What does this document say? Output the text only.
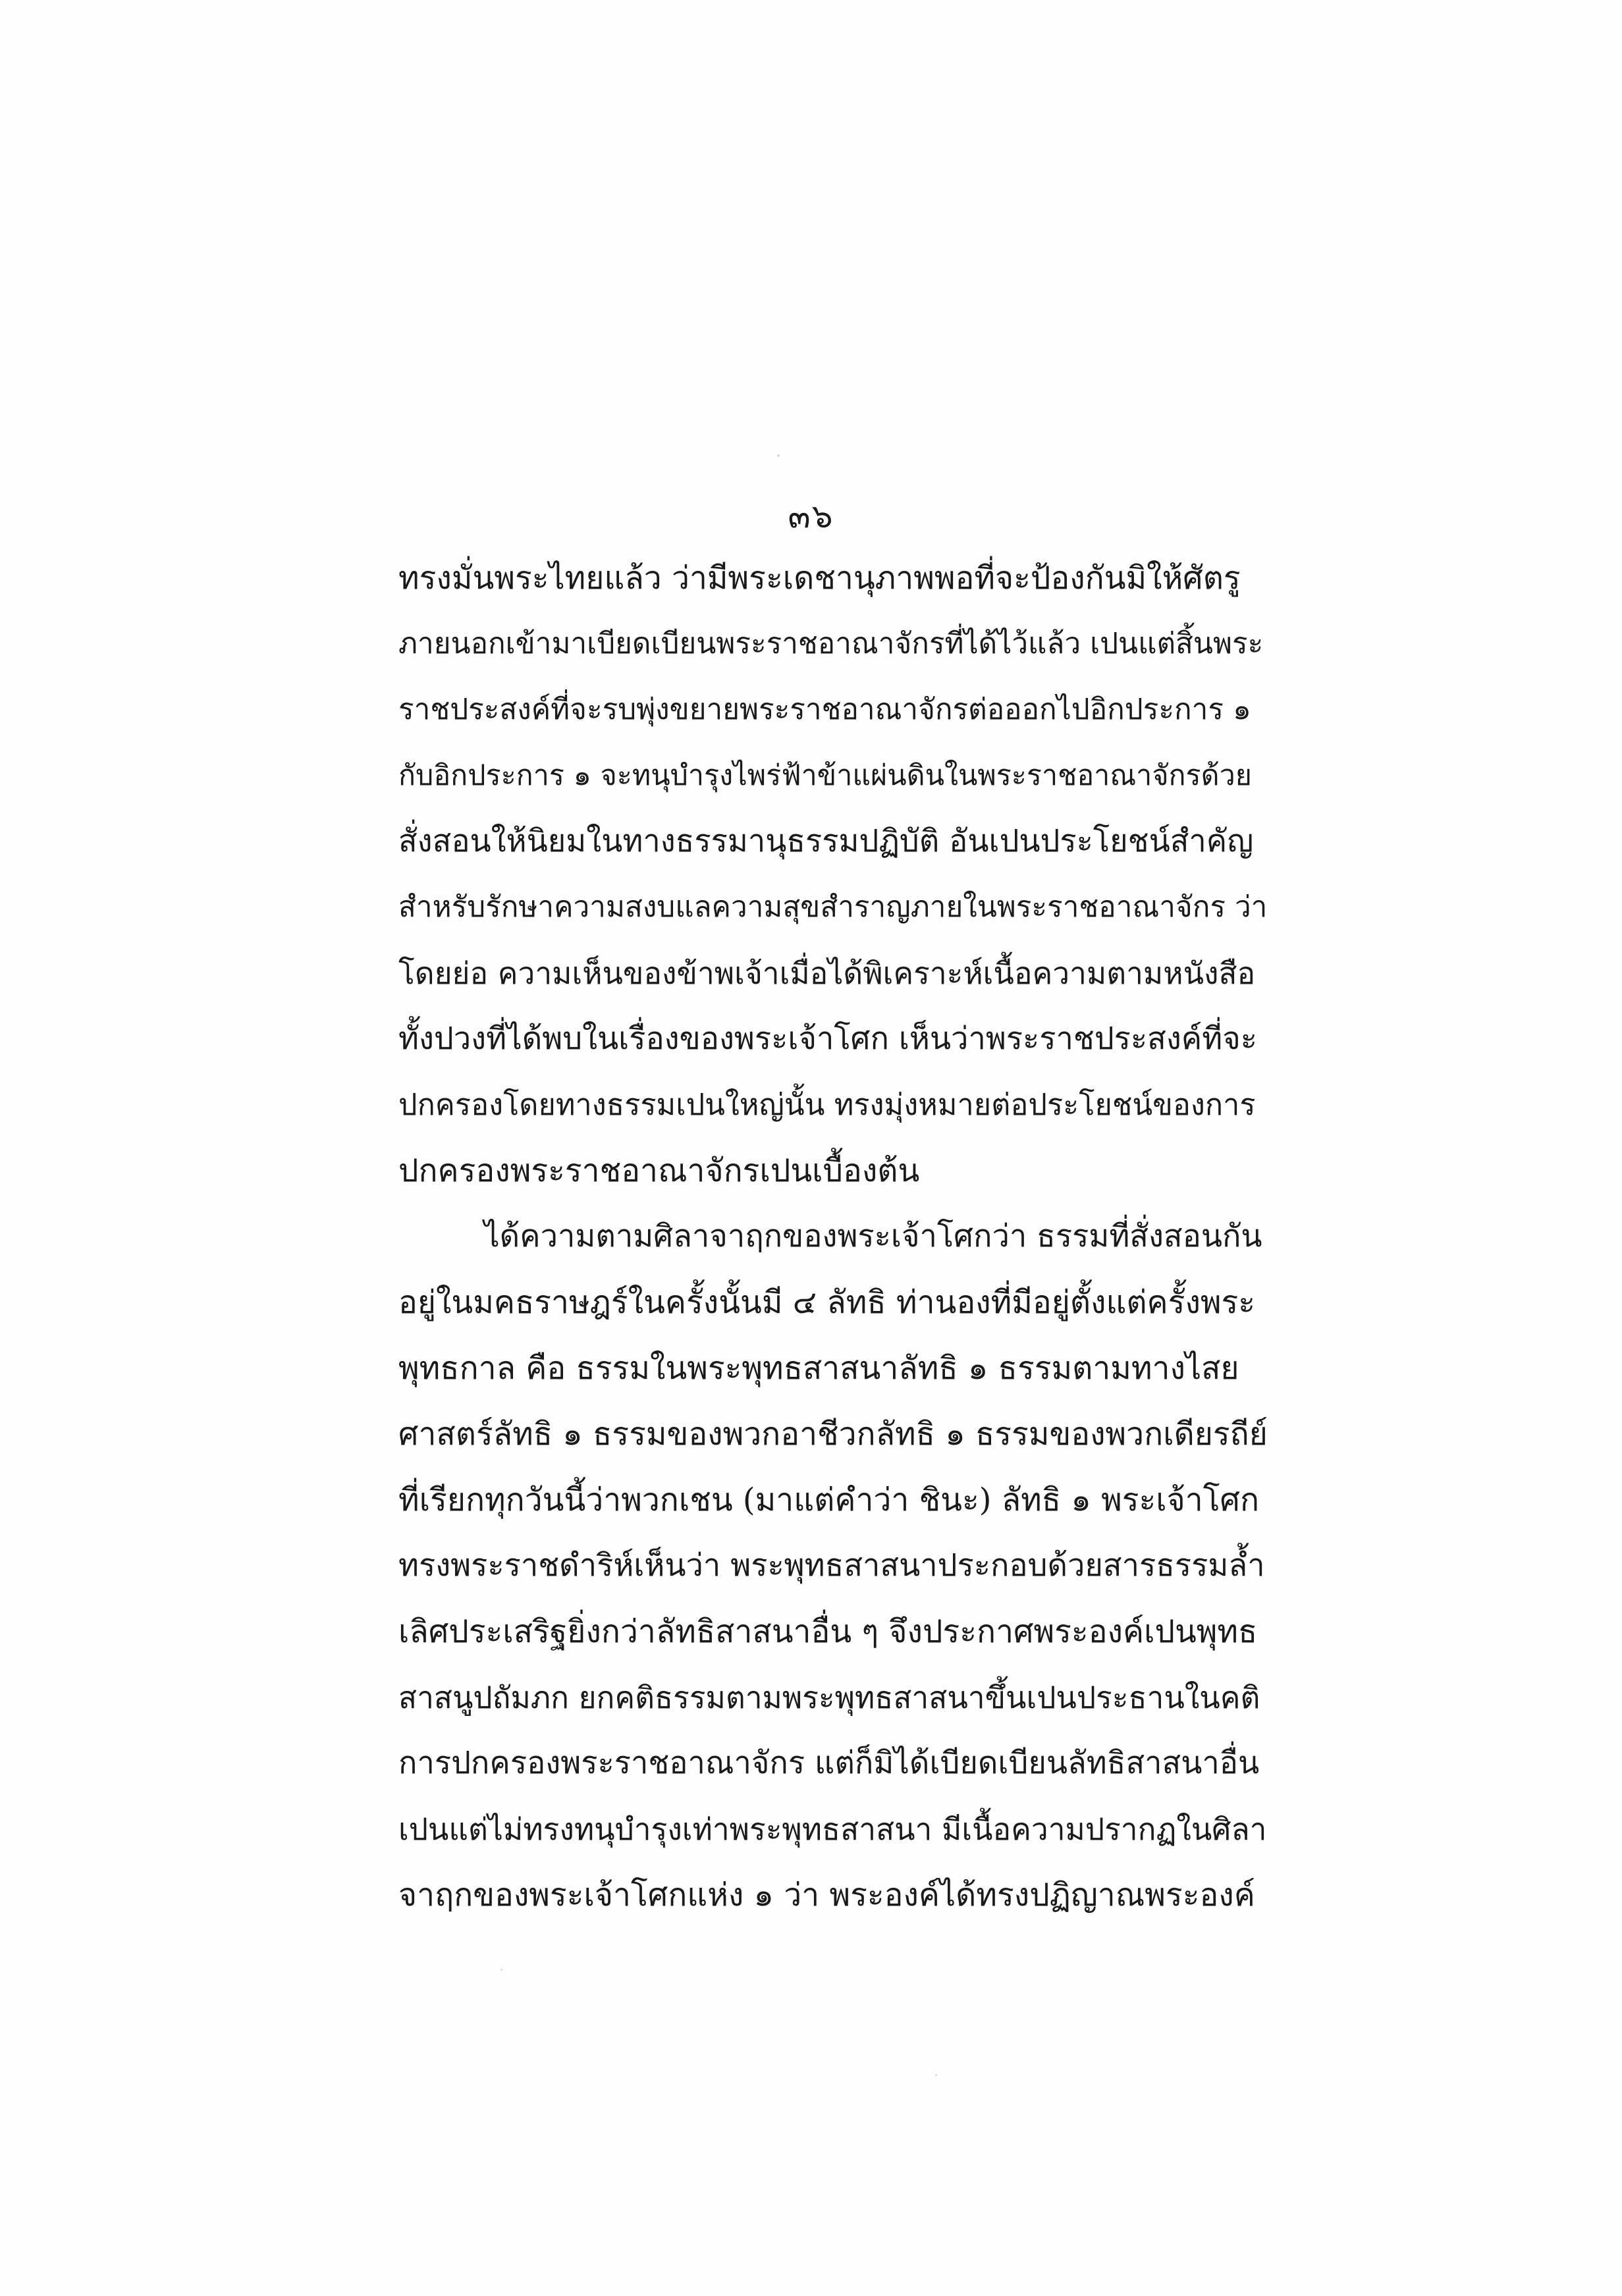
๓๖
ทรงมั่นพระไทยแล้ว ว่ามีพระเดชานุภาพพอที่จะป้องกันมิให้ศัตรู
ภายนอกเข้ามาเบียดเบียนพระราชอาณาจักรที่ได้ไว้แล้ว เปนแต่สิ้นพระ
ราชประสงค์ที่จะรบพุ่งขยายพระราชอาณาจักรต่อออกไปอิกประการ ๑
กับอิกประการ ๑ จะทนุบำรุงไพร่ฟ้าข้าแผ่นดินในพระราชอาณาจักรด้วย
สั่งสอนให้นิยมในทางธรรมานุธรรมปฏิบัติ อันเปนประโยชน์สำคัญ
สำหรับรักษาความสงบแลความสุขสำราญภายในพระราชอาณาจักร ว่า
โดยย่อ ความเห็นของข้าพเจ้าเมื่อได้พิเคราะห์เนื้อความตามหนังสือ
ทั้งปวงที่ได้พบในเรื่องของพระเจ้าโศก เห็นว่าพระราชประสงค์ที่จะ
ปกครองโดยทางธรรมเปนใหญ่นั้น ทรงมุ่งหมายต่อประโยชน์ของการ
ปกครองพระราชอาณาจักรเปนเบื้องต้น
ได้ความตามศิลาจาฤกของพระเจ้าโศกว่า ธรรมที่สั่งสอนกัน
อยู่ในมคธราษฎร์ในครั้งนั้นมี ๔ ลัทธิ ท่านองที่มีอยู่ตั้งแต่ครั้งพระ
พุทธกาล คือ ธรรมในพระพุทธสาสนาลัทธิ ๑ ธรรมตามทางไสย
ศาสตร์ลัทธิ ๑ ธรรมของพวกอาชีวกลัทธิ ๑ ธรรมของพวกเดียรถีย์
ที่เรียกทุกวันนี้ว่าพวกเชน (มาแต่คำว่า ชินะ) ลัทธิ ๑ พระเจ้าโศก
ทรงพระราชดำริห์เห็นว่า พระพุทธสาสนาประกอบด้วยสารธรรมล้ำ
เลิศประเสริฐยิ่งกว่าลัทธิสาสนาอื่น ๆ จึงประกาศพระองค์เปนพุทธ
สาสนูปถัมภก ยกคติธรรมตามพระพุทธสาสนาขึ้นเปนประธานในคติ
การปกครองพระราชอาณาจักร แต่ก็มิได้เบียดเบียนลัทธิสาสนาอื่น
เปนแต่ไม่ทรงทนุบำรุงเท่าพระพุทธสาสนา มีเนื้อความปรากฏในศิลา
จาฤกของพระเจ้าโศกแห่ง ๑ ว่า พระองค์ได้ทรงปฏิญาณพระองค์
